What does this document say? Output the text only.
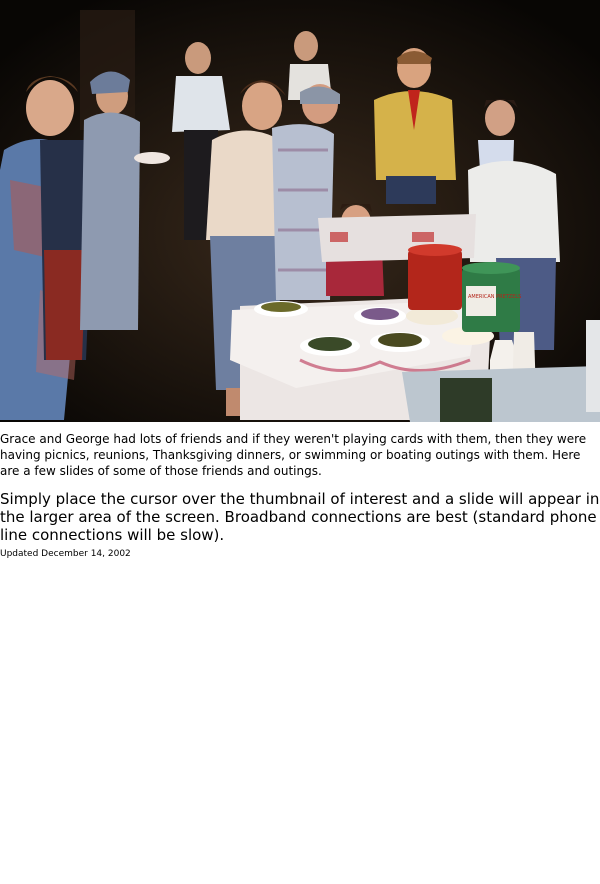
AMERICAN PRETZELS

Grace and George had lots of friends and if they weren't playing cards with them, then they were having picnics, reunions, Thanksgiving dinners, or swimming or boating outings with them. Here are a few slides of some of those friends and outings.

Simply place the cursor over the thumbnail of interest and a slide will appear in the larger area of the screen. Broadband connections are best (standard phone line connections will be slow).

Updated December 14, 2002
